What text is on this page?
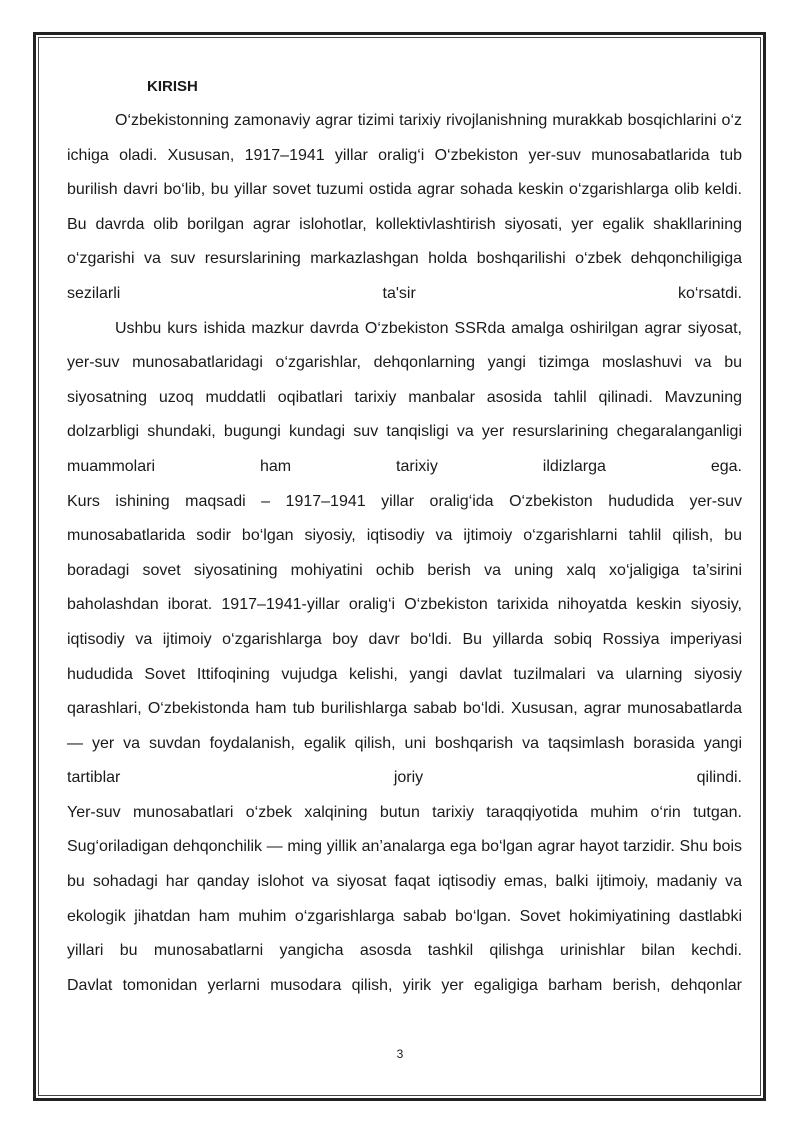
KIRISH

O‘zbekistonning zamonaviy agrar tizimi tarixiy rivojlanishning murakkab bosqichlarini o‘z ichiga oladi. Xususan, 1917–1941 yillar oralig‘i O‘zbekiston yer-suv munosabatlarida tub burilish davri bo‘lib, bu yillar sovet tuzumi ostida agrar sohada keskin o‘zgarishlarga olib keldi. Bu davrda olib borilgan agrar islohotlar, kollektivlashtirish siyosati, yer egalik shakllarining o‘zgarishi va suv resurslarining markazlashgan holda boshqarilishi o‘zbek dehqonchiligiga sezilarli ta'sir ko‘rsatdi.

Ushbu kurs ishida mazkur davrda O‘zbekiston SSRda amalga oshirilgan agrar siyosat, yer-suv munosabatlaridagi o‘zgarishlar, dehqonlarning yangi tizimga moslashuvi va bu siyosatning uzoq muddatli oqibatlari tarixiy manbalar asosida tahlil qilinadi. Mavzuning dolzarbligi shundaki, bugungi kundagi suv tanqisligi va yer resurslarining chegaralanganligi muammolari ham tarixiy ildizlarga ega.

Kurs ishining maqsadi – 1917–1941 yillar oralig‘ida O‘zbekiston hududida yer-suv munosabatlarida sodir bo‘lgan siyosiy, iqtisodiy va ijtimoiy o‘zgarishlarni tahlil qilish, bu boradagi sovet siyosatining mohiyatini ochib berish va uning xalq xo‘jaligiga ta’sirini baholashdan iborat. 1917–1941-yillar oralig‘i O‘zbekiston tarixida nihoyatda keskin siyosiy, iqtisodiy va ijtimoiy o‘zgarishlarga boy davr bo‘ldi. Bu yillarda sobiq Rossiya imperiyasi hududida Sovet Ittifoqining vujudga kelishi, yangi davlat tuzilmalari va ularning siyosiy qarashlari, O‘zbekistonda ham tub burilishlarga sabab bo‘ldi. Xususan, agrar munosabatlarda — yer va suvdan foydalanish, egalik qilish, uni boshqarish va taqsimlash borasida yangi tartiblar joriy qilindi.

Yer-suv munosabatlari o‘zbek xalqining butun tarixiy taraqqiyotida muhim o‘rin tutgan. Sug‘oriladigan dehqonchilik — ming yillik an’analarga ega bo‘lgan agrar hayot tarzidir. Shu bois bu sohadagi har qanday islohot va siyosat faqat iqtisodiy emas, balki ijtimoiy, madaniy va ekologik jihatdan ham muhim o‘zgarishlarga sabab bo‘lgan. Sovet hokimiyatining dastlabki yillari bu munosabatlarni yangicha asosda tashkil qilishga urinishlar bilan kechdi.

Davlat tomonidan yerlarni musodara qilish, yirik yer egaligiga barham berish, dehqonlar

3
